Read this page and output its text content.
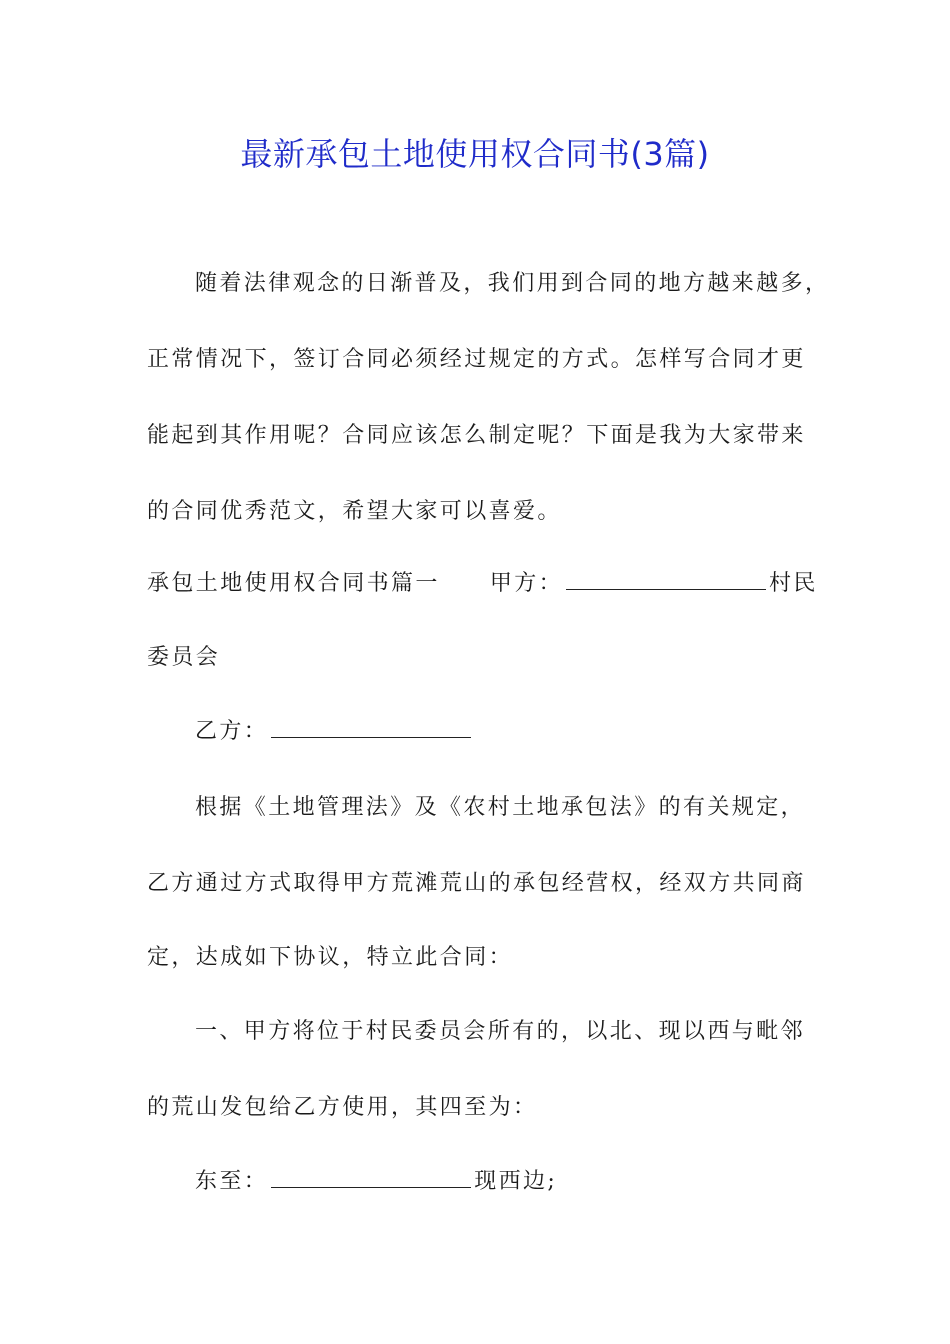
最新承包土地使用权合同书(3篇)
随着法律观念的日渐普及，我们用到合同的地方越来越多，
正常情况下，签订合同必须经过规定的方式。怎样写合同才更
能起到其作用呢？合同应该怎么制定呢？下面是我为大家带来
的合同优秀范文，希望大家可以喜爱。
承包土地使用权合同书篇一 甲方：	村民
委员会
乙方：
根据《土地管理法》及《农村土地承包法》的有关规定，
乙方通过方式取得甲方荒滩荒山的承包经营权，经双方共同商
定，达成如下协议，特立此合同：
一、甲方将位于村民委员会所有的，以北、现以西与毗邻
的荒山发包给乙方使用，其四至为：
东至：	现西边;
